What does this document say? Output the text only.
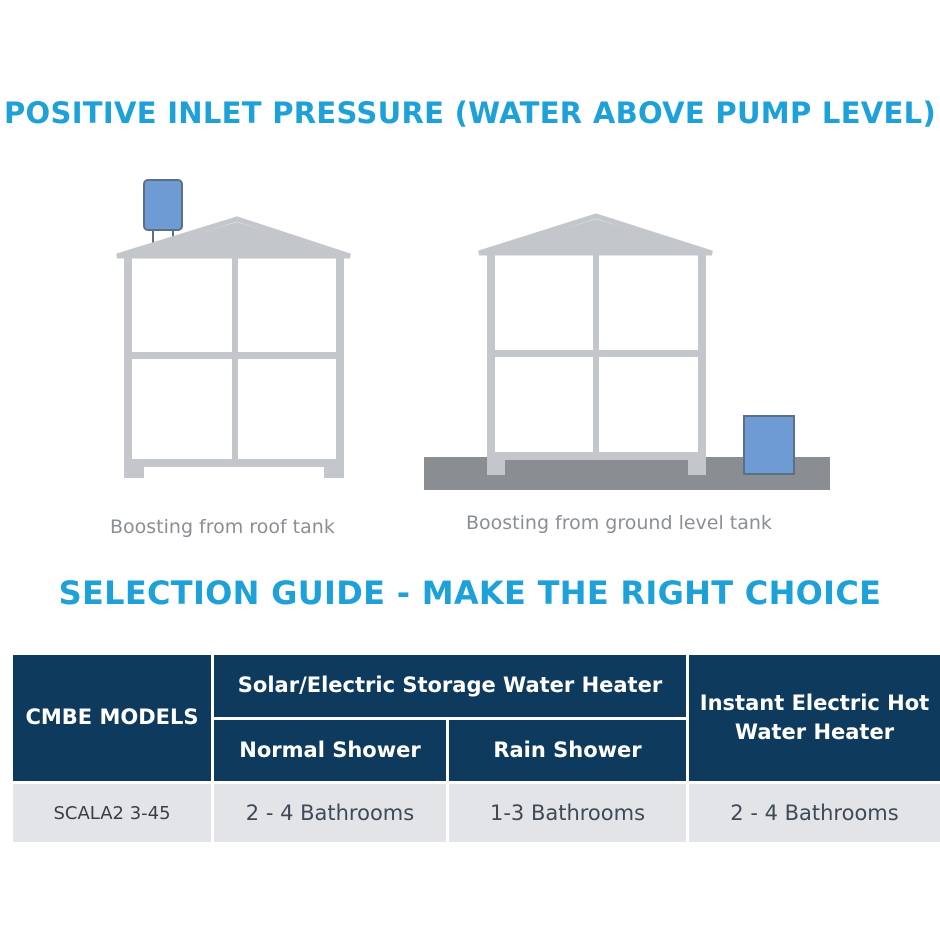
POSITIVE INLET PRESSURE (WATER ABOVE PUMP LEVEL)
Boosting from roof tank	Boosting from ground level tank
SELECTION GUIDE - MAKE THE RIGHT CHOICE
CMBE MODELS	Solar/Electric Storage Water Heater		Instant Electric Hot Water Heater
	Normal Shower	Rain Shower	
SCALA2 3-45	2 - 4 Bathrooms	1-3 Bathrooms	2 - 4 Bathrooms
